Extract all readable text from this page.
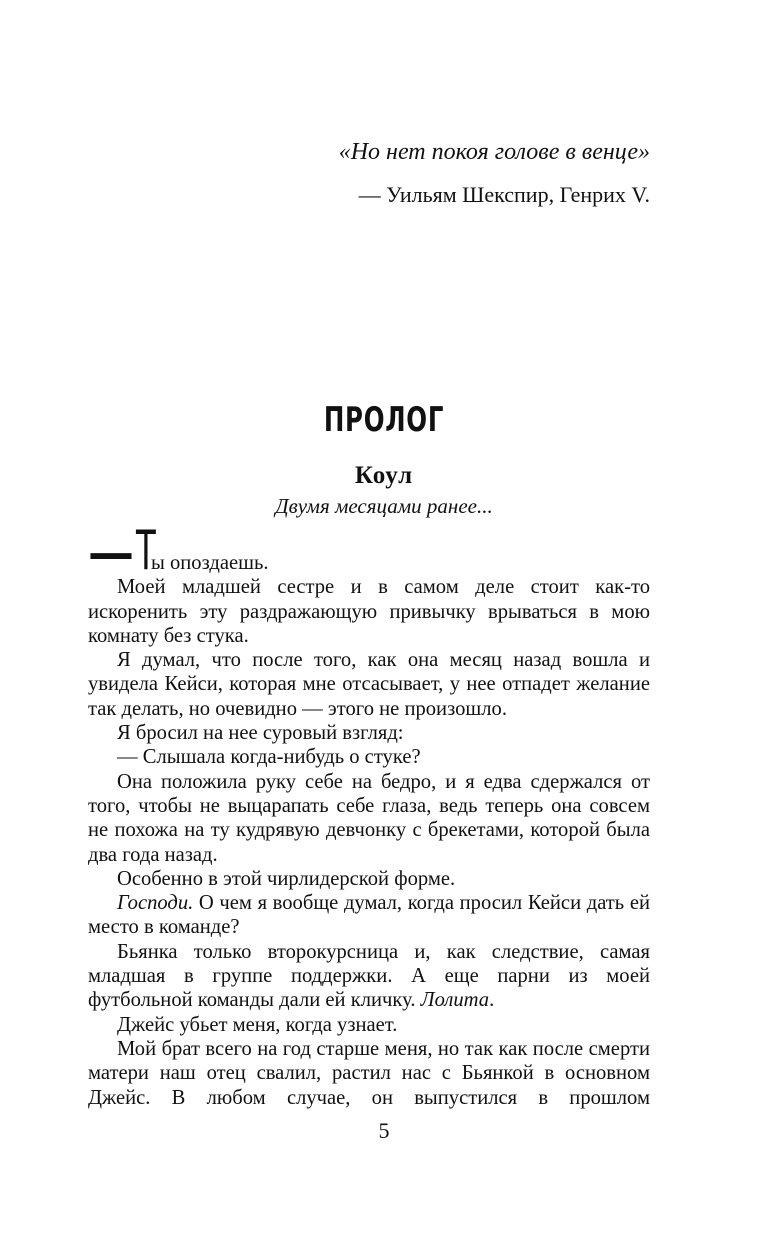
«Но нет покоя голове в венце»

— Уильям Шекспир, Генрих V.
ПРОЛОГ
Коул
Двумя месяцами ранее...

—Ты опоздаешь.

Моей младшей сестре и в самом деле стоит как-то искоренить эту раздражающую привычку врываться в мою комнату без стука.

Я думал, что после того, как она месяц назад вошла и увидела Кейси, которая мне отсасывает, у нее отпадет желание так делать, но очевидно — этого не произошло.

Я бросил на нее суровый взгляд:

— Слышала когда-нибудь о стуке?

Она положила руку себе на бедро, и я едва сдержался от того, чтобы не выцарапать себе глаза, ведь теперь она совсем не похожа на ту кудрявую девчонку с брекетами, которой была два года назад.

Особенно в этой чирлидерской форме.

Господи. О чем я вообще думал, когда просил Кейси дать ей место в команде?

Бьянка только второкурсница и, как следствие, самая младшая в группе поддержки. А еще парни из моей футбольной команды дали ей кличку. Лолита.

Джейс убьет меня, когда узнает.

Мой брат всего на год старше меня, но так как после смерти матери наш отец свалил, растил нас с Бьянкой в основном Джейс. В любом случае, он выпустился в прошлом

5
